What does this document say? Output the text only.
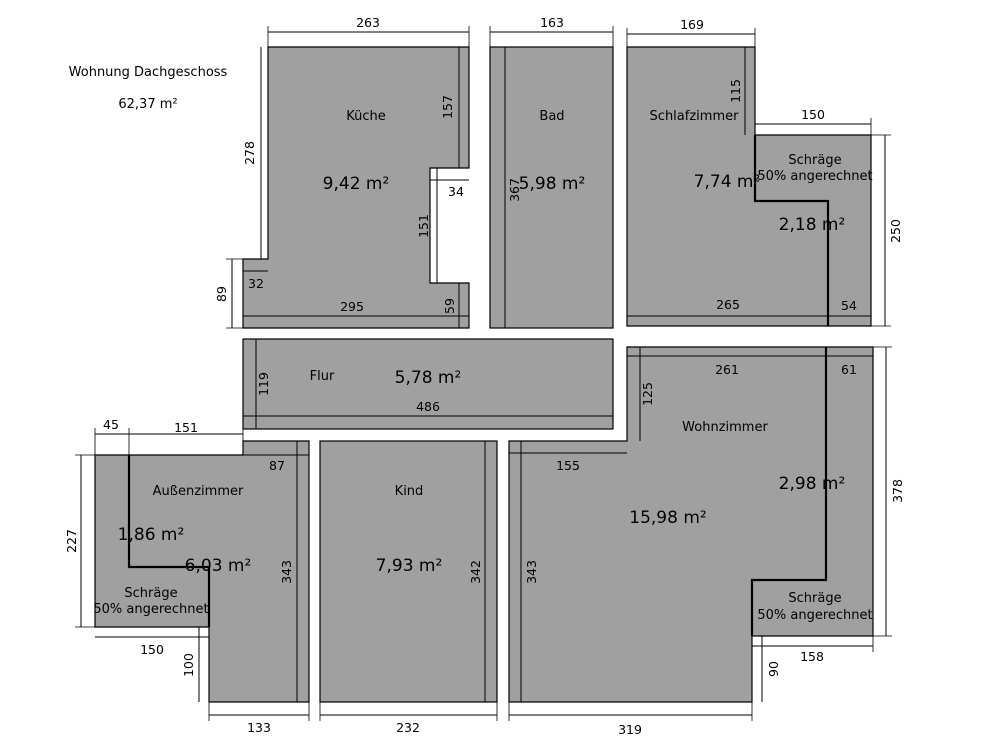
Wohnung Dachgeschoss
62,37 m²
Küche	Bad	Schlafzimmer
Flur
Außenzimmer	Kind
Wohnzimmer
9,42 m²	5,98 m²	7,74 m²
2,18 m²
5,78 m²
1,86 m²
6,03 m²	7,93 m²
15,98 m²
2,98 m²
Schräge
50% angerechnet
Schräge
50% angerechnet
Schräge
50% angerechnet
263
278
157
34
151
89
32
295	59
163
367
169
115
150
250
265	54
119
486
45	151
87
227
343
150
100
133	232
342
261	61
125
155
343
378
158
90
319
